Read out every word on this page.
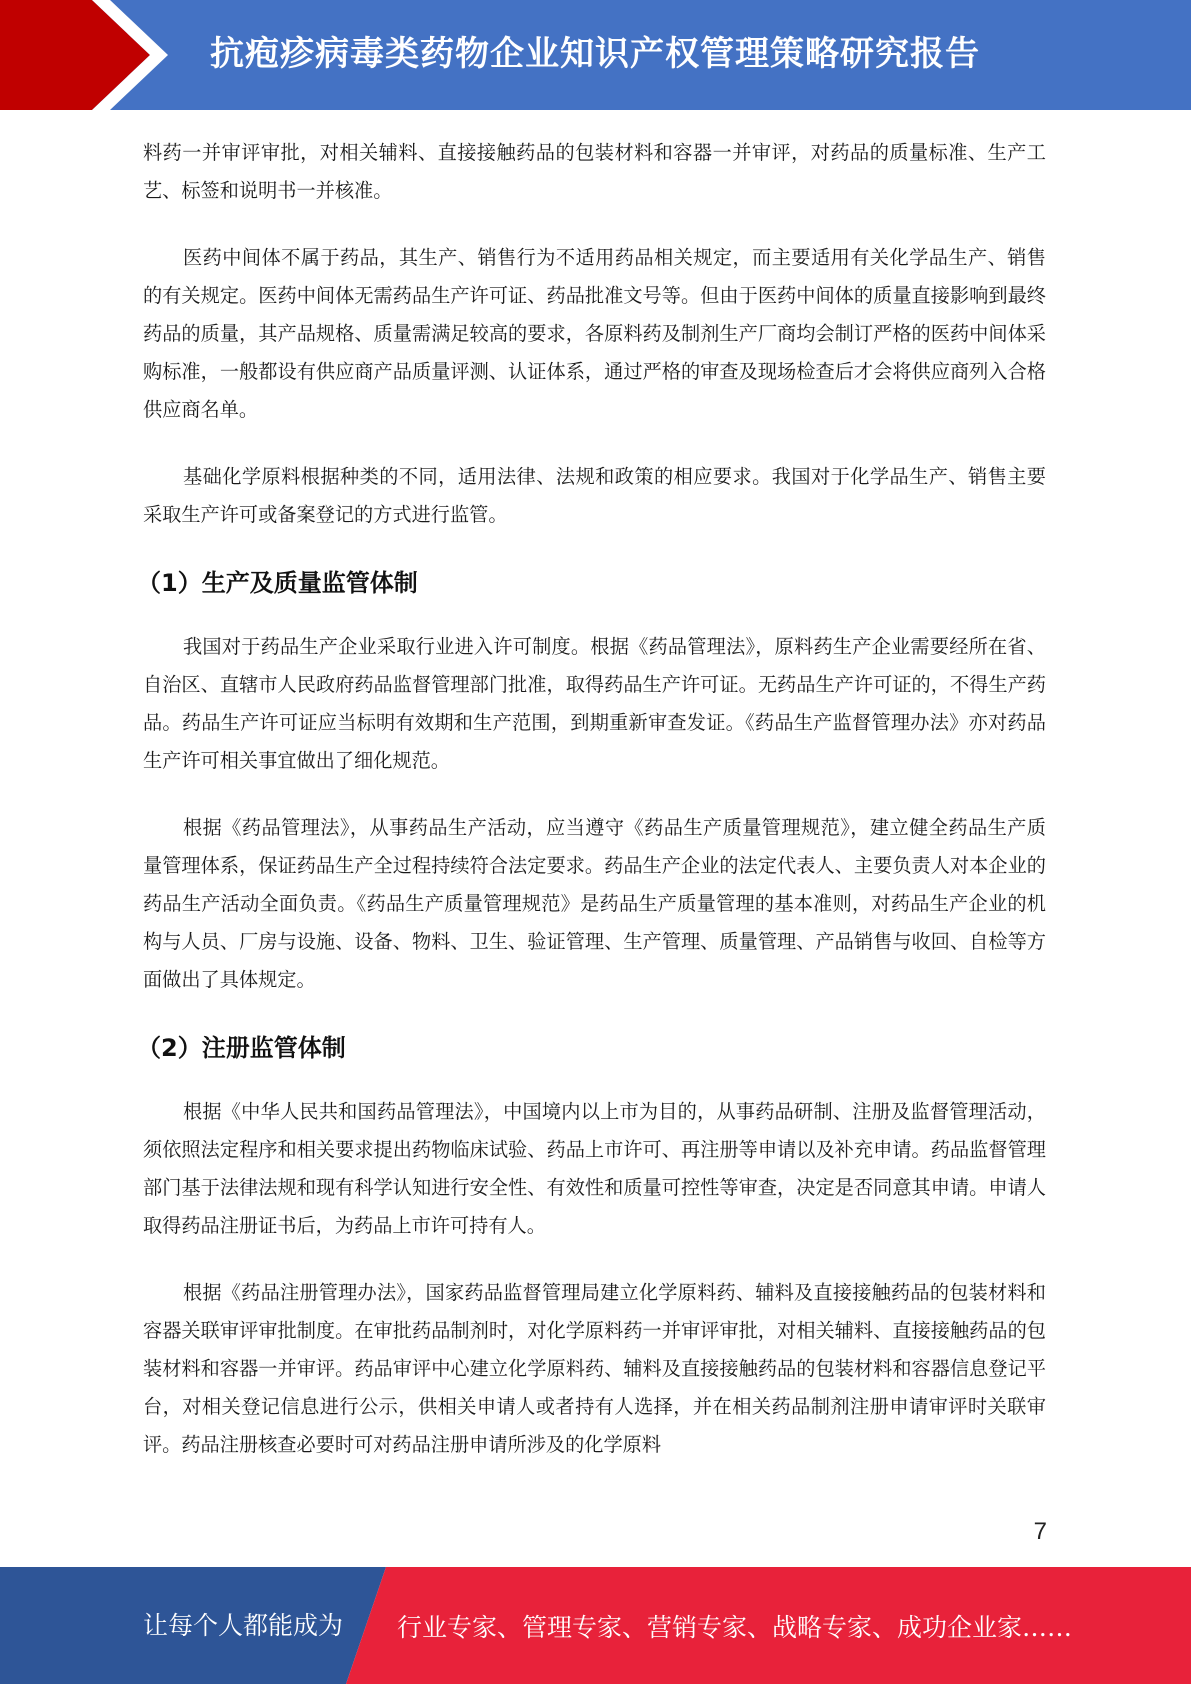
抗疱疹病毒类药物企业知识产权管理策略研究报告

料药一并审评审批，对相关辅料、直接接触药品的包装材料和容器一并审评，对药品的质量标准、生产工艺、标签和说明书一并核准。

医药中间体不属于药品，其生产、销售行为不适用药品相关规定，而主要适用有关化学品生产、销售的有关规定。医药中间体无需药品生产许可证、药品批准文号等。但由于医药中间体的质量直接影响到最终药品的质量，其产品规格、质量需满足较高的要求，各原料药及制剂生产厂商均会制订严格的医药中间体采购标准，一般都设有供应商产品质量评测、认证体系，通过严格的审查及现场检查后才会将供应商列入合格供应商名单。

基础化学原料根据种类的不同，适用法律、法规和政策的相应要求。我国对于化学品生产、销售主要采取生产许可或备案登记的方式进行监管。

（1）生产及质量监管体制

我国对于药品生产企业采取行业进入许可制度。根据《药品管理法》，原料药生产企业需要经所在省、自治区、直辖市人民政府药品监督管理部门批准，取得药品生产许可证。无药品生产许可证的，不得生产药品。药品生产许可证应当标明有效期和生产范围，到期重新审查发证。《药品生产监督管理办法》亦对药品生产许可相关事宜做出了细化规范。

根据《药品管理法》，从事药品生产活动，应当遵守《药品生产质量管理规范》，建立健全药品生产质量管理体系，保证药品生产全过程持续符合法定要求。药品生产企业的法定代表人、主要负责人对本企业的药品生产活动全面负责。《药品生产质量管理规范》是药品生产质量管理的基本准则，对药品生产企业的机构与人员、厂房与设施、设备、物料、卫生、验证管理、生产管理、质量管理、产品销售与收回、自检等方面做出了具体规定。

（2）注册监管体制

根据《中华人民共和国药品管理法》，中国境内以上市为目的，从事药品研制、注册及监督管理活动，须依照法定程序和相关要求提出药物临床试验、药品上市许可、再注册等申请以及补充申请。药品监督管理部门基于法律法规和现有科学认知进行安全性、有效性和质量可控性等审查，决定是否同意其申请。申请人取得药品注册证书后，为药品上市许可持有人。

根据《药品注册管理办法》，国家药品监督管理局建立化学原料药、辅料及直接接触药品的包装材料和容器关联审评审批制度。在审批药品制剂时，对化学原料药一并审评审批，对相关辅料、直接接触药品的包装材料和容器一并审评。药品审评中心建立化学原料药、辅料及直接接触药品的包装材料和容器信息登记平台，对相关登记信息进行公示，供相关申请人或者持有人选择，并在相关药品制剂注册申请审评时关联审评。药品注册核查必要时可对药品注册申请所涉及的化学原料

7
让每个人都能成为 行业专家、管理专家、营销专家、战略专家、成功企业家……
